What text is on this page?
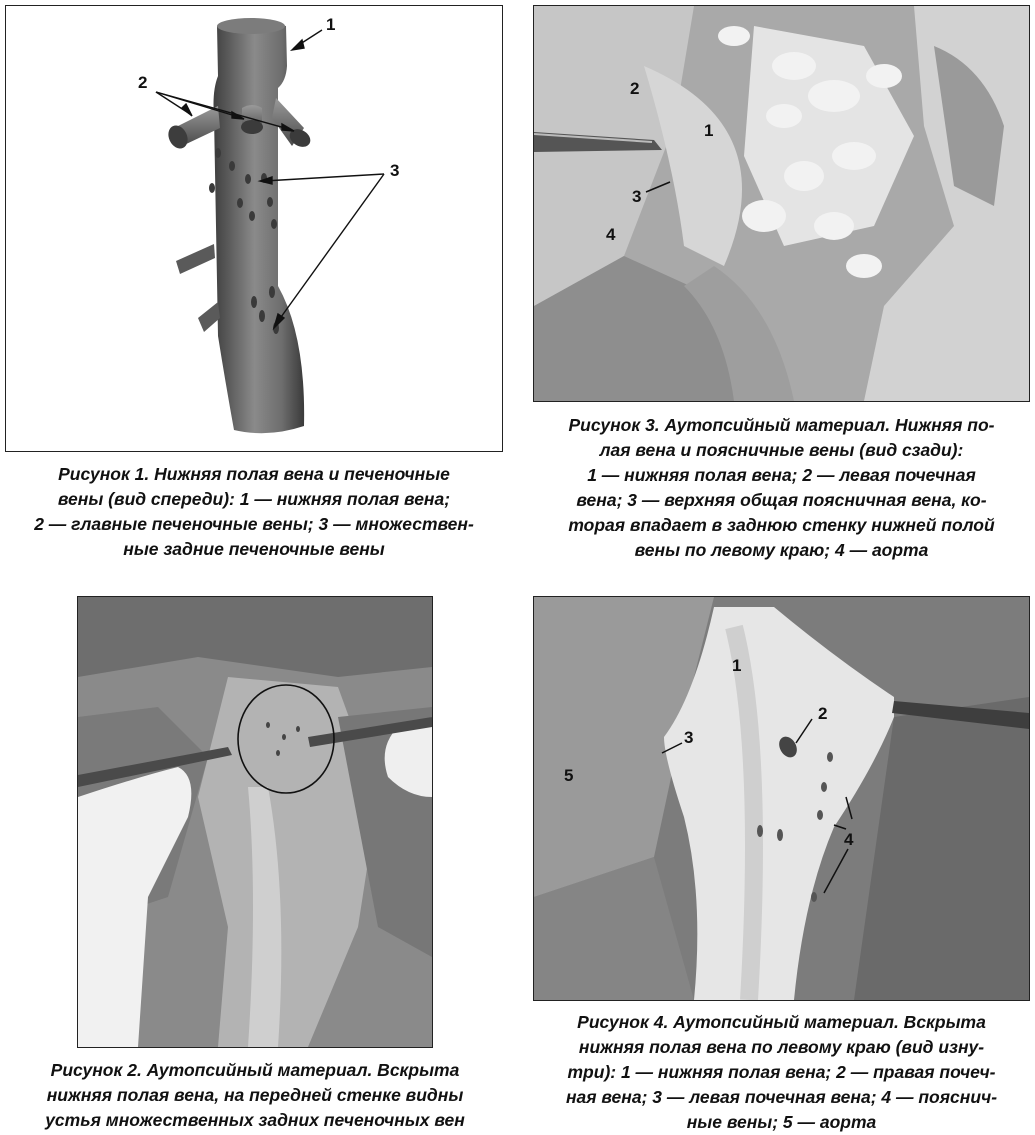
1
2
3
Рисунок 1. Нижняя полая вена и печеночные
вены (вид спереди): 1 — нижняя полая вена;
2 — главные печеночные вены; 3 — множествен-
ные задние печеночные вены
2
1
3
4
Рисунок 3. Аутопсийный материал. Нижняя по-
лая вена и поясничные вены (вид сзади):
1 — нижняя полая вена; 2 — левая почечная
вена; 3 — верхняя общая поясничная вена, ко-
торая впадает в заднюю стенку нижней полой
вены по левому краю; 4 — аорта
Рисунок 2. Аутопсийный материал. Вскрыта
нижняя полая вена, на передней стенке видны
устья множественных задних печеночных вен
1
2
3
4
5
Рисунок 4. Аутопсийный материал. Вскрыта
нижняя полая вена по левому краю (вид изну-
три): 1 — нижняя полая вена; 2 — правая почеч-
ная вена; 3 — левая почечная вена; 4 — пояснич-
ные вены; 5 — аорта
